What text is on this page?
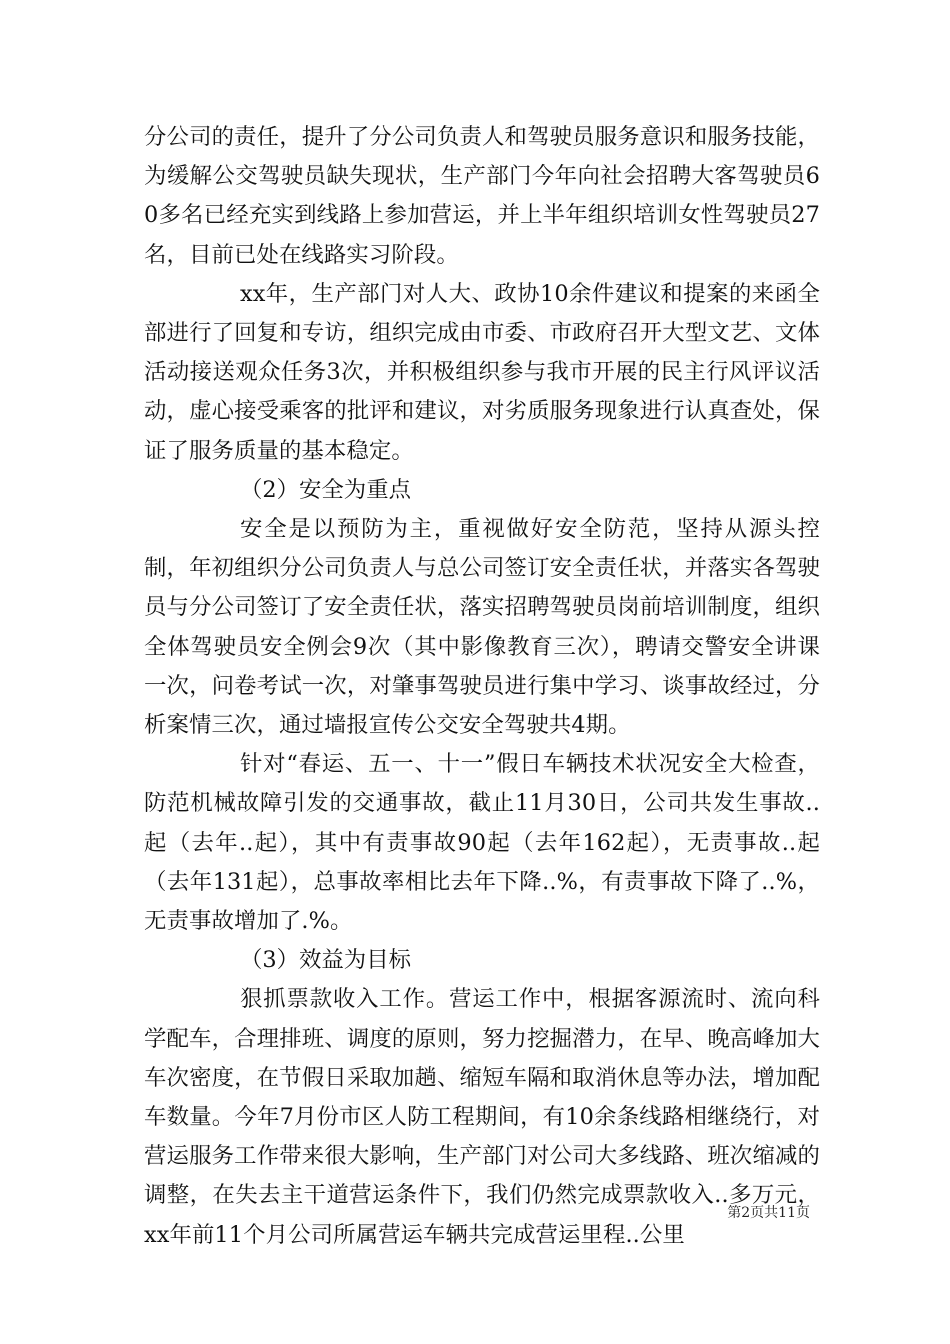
分公司的责任，提升了分公司负责人和驾驶员服务意识和服务技能，为缓解公交驾驶员缺失现状，生产部门今年向社会招聘大客驾驶员60多名已经充实到线路上参加营运，并上半年组织培训女性驾驶员27名，目前已处在线路实习阶段。

xx年，生产部门对人大、政协10余件建议和提案的来函全部进行了回复和专访，组织完成由市委、市政府召开大型文艺、文体活动接送观众任务3次，并积极组织参与我市开展的民主行风评议活动，虚心接受乘客的批评和建议，对劣质服务现象进行认真查处，保证了服务质量的基本稳定。

（2）安全为重点

安全是以预防为主，重视做好安全防范，坚持从源头控制，年初组织分公司负责人与总公司签订安全责任状，并落实各驾驶员与分公司签订了安全责任状，落实招聘驾驶员岗前培训制度，组织全体驾驶员安全例会9次（其中影像教育三次），聘请交警安全讲课一次，问卷考试一次，对肇事驾驶员进行集中学习、谈事故经过，分析案情三次，通过墙报宣传公交安全驾驶共4期。

针对“春运、五一、十一”假日车辆技术状况安全大检查，防范机械故障引发的交通事故，截止11月30日，公司共发生事故..起（去年..起），其中有责事故90起（去年162起），无责事故..起（去年131起），总事故率相比去年下降..%，有责事故下降了..%，无责事故增加了.%。

（3）效益为目标

狠抓票款收入工作。营运工作中，根据客源流时、流向科学配车，合理排班、调度的原则，努力挖掘潜力，在早、晚高峰加大车次密度，在节假日采取加趟、缩短车隔和取消休息等办法，增加配车数量。今年7月份市区人防工程期间，有10余条线路相继绕行，对营运服务工作带来很大影响，生产部门对公司大多线路、班次缩减的调整，在失去主干道营运条件下，我们仍然完成票款收入..多万元，xx年前11个月公司所属营运车辆共完成营运里程..公里

第2页共11页
